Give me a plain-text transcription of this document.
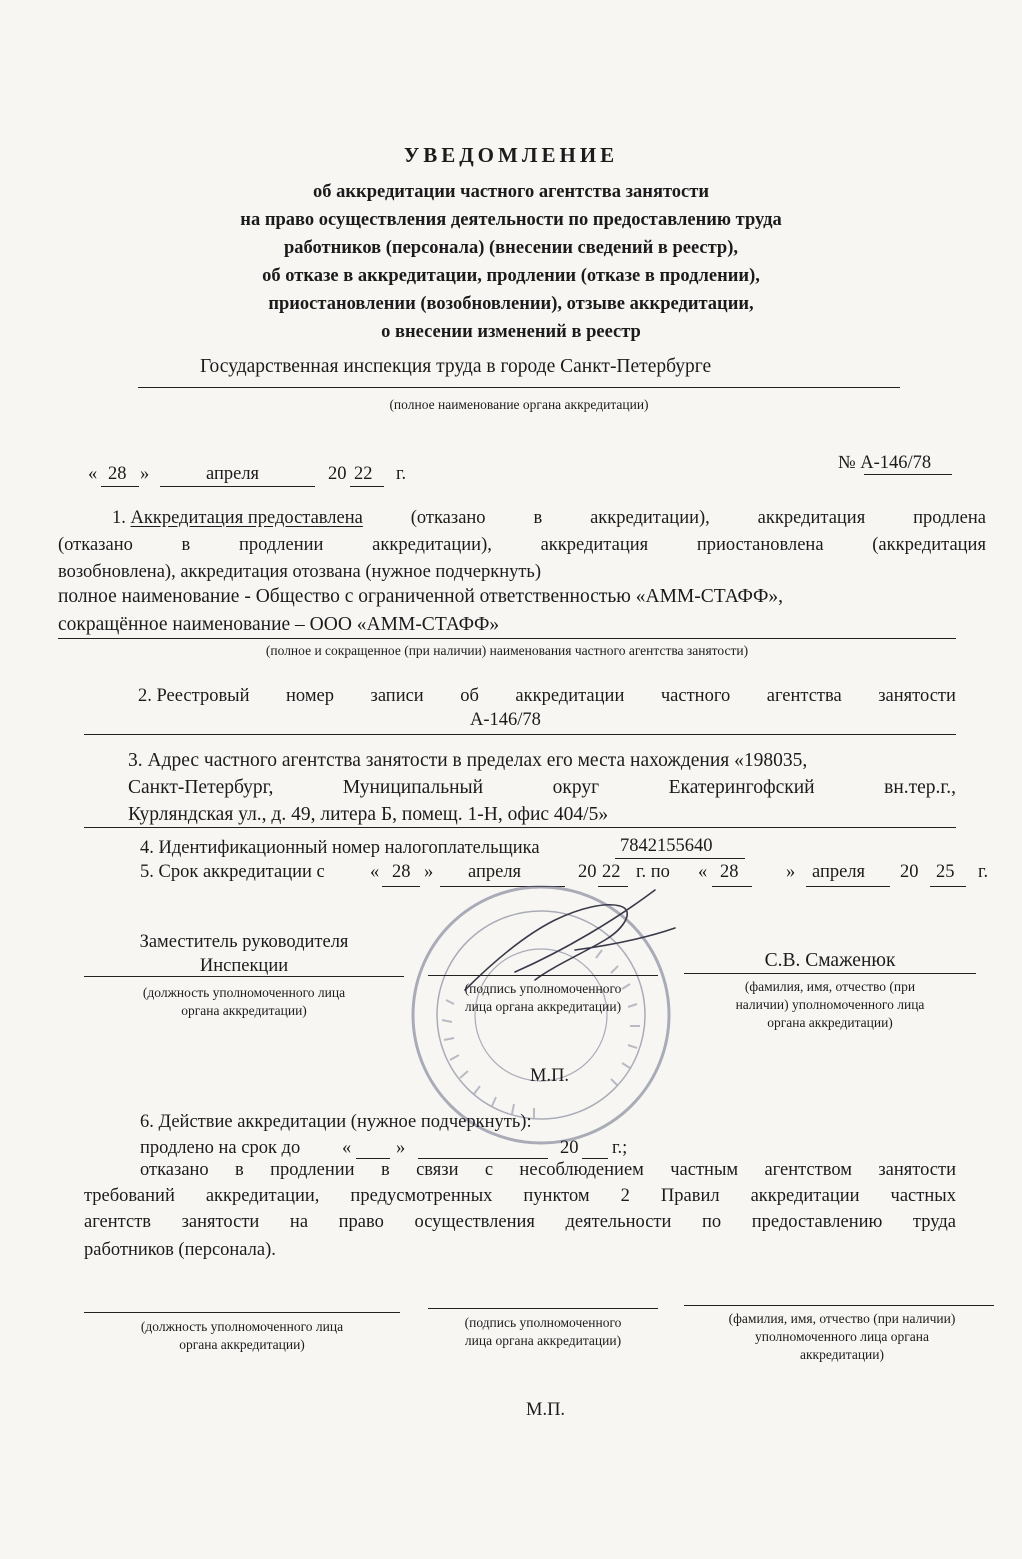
УВЕДОМЛЕНИЕ
об аккредитации частного агентства занятости
на право осуществления деятельности по предоставлению труда
работников (персонала) (внесении сведений в реестр),
об отказе в аккредитации, продлении (отказе в продлении),
приостановлении (возобновлении), отзыве аккредитации,
о внесении изменений в реестр
Государственная инспекция труда в городе Санкт-Петербурге
(полное наименование органа аккредитации)
« 28 »	апреля	20 22 г.
№ А-146/78
1. Аккредитация предоставлена	(отказано	в	аккредитации),	аккредитация	продлена
(отказано	в	продлении	аккредитации),	аккредитация	приостановлена	(аккредитация
возобновлена), аккредитация отозвана (нужное подчеркнуть)
полное наименование - Общество с ограниченной ответственностью «АММ-СТАФФ»,
сокращённое наименование – ООО «АММ-СТАФФ»
(полное и сокращенное (при наличии) наименования частного агентства занятости)
2. Реестровый номер записи об аккредитации частного агентства занятости
А-146/78
3. Адрес частного агентства занятости в пределах его места нахождения «198035,
Санкт-Петербург,	Муниципальный	округ	Екатерингофский	вн.тер.г.,
Курляндская ул., д. 49, литера Б, помещ. 1-Н, офис 404/5»
4. Идентификационный номер налогоплательщика	7842155640
5. Срок аккредитации с « 28 » апреля	20 22 г. по « 28	» апреля 20 25 г.
Заместитель руководителя
Инспекции	С.В. Смаженюк
(должность уполномоченного лица
органа аккредитации)
(подпись уполномоченного
лица органа аккредитации)
(фамилия, имя, отчество (при
наличии) уполномоченного лица
органа аккредитации)
М.П.
6. Действие аккредитации (нужное подчеркнуть):
продлено на срок до « »	20 г.;
отказано в продлении в связи с несоблюдением частным агентством занятости
требований аккредитации, предусмотренных пунктом 2 Правил аккредитации частных
агентств занятости на право осуществления деятельности по предоставлению труда
работников (персонала).
(должность уполномоченного лица
органа аккредитации)
(подпись уполномоченного
лица органа аккредитации)
(фамилия, имя, отчество (при наличии)
уполномоченного лица органа
аккредитации)
М.П.
